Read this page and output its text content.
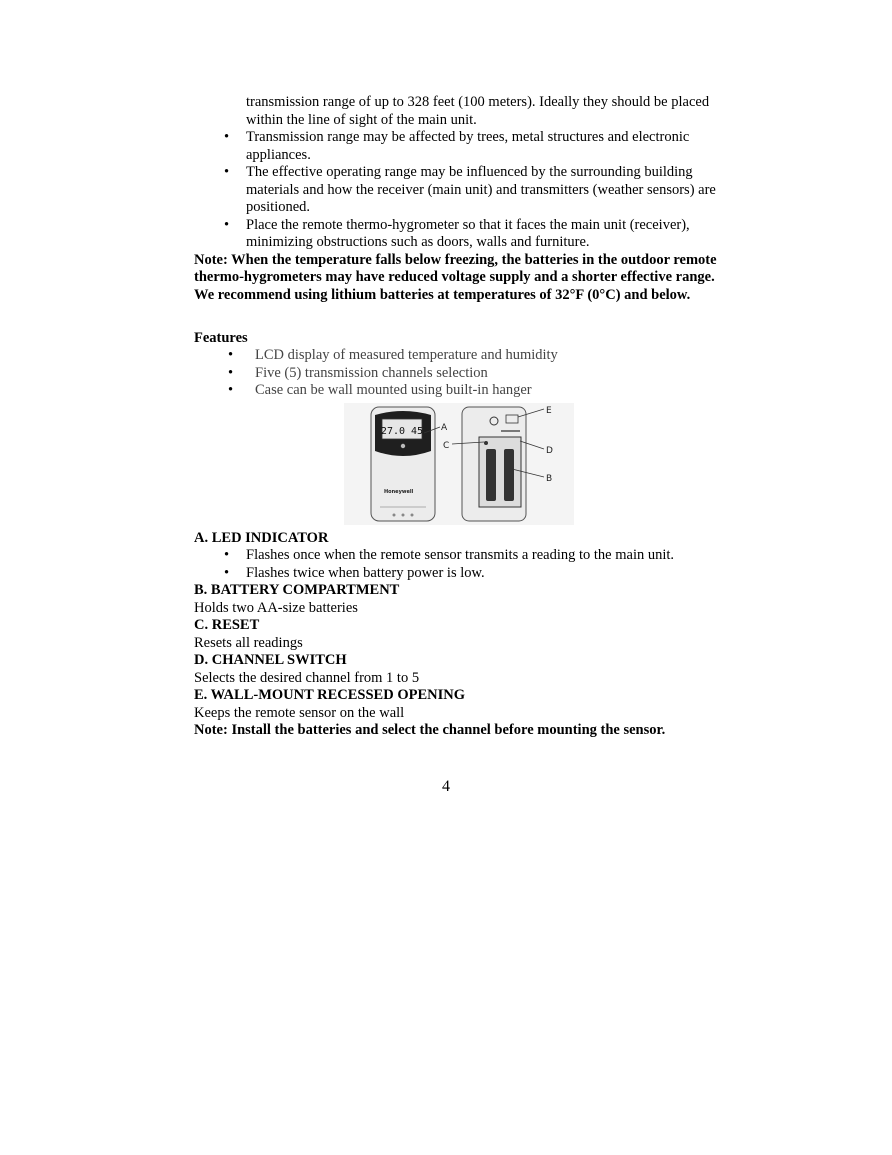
transmission range of up to 328 feet (100 meters). Ideally they should be placed within the line of sight of the main unit.
• Transmission range may be affected by trees, metal structures and electronic appliances.
• The effective operating range may be influenced by the surrounding building materials and how the receiver (main unit) and transmitters (weather sensors) are positioned.
• Place the remote thermo-hygrometer so that it faces the main unit (receiver), minimizing obstructions such as doors, walls and furniture.
Note: When the temperature falls below freezing, the batteries in the outdoor remote thermo-hygrometers may have reduced voltage supply and a shorter effective range. We recommend using lithium batteries at temperatures of 32°F (0°C) and below.
Features
• LCD display of measured temperature and humidity
• Five (5) transmission channels selection
• Case can be wall mounted using built-in hanger
27.0 45
Honeywell
A
B
C	D
E
A. LED INDICATOR
• Flashes once when the remote sensor transmits a reading to the main unit.
• Flashes twice when battery power is low.
B. BATTERY COMPARTMENT
Holds two AA-size batteries
C. RESET
Resets all readings
D. CHANNEL SWITCH
Selects the desired channel from 1 to 5
E. WALL-MOUNT RECESSED OPENING
Keeps the remote sensor on the wall
Note: Install the batteries and select the channel before mounting the sensor.
4
